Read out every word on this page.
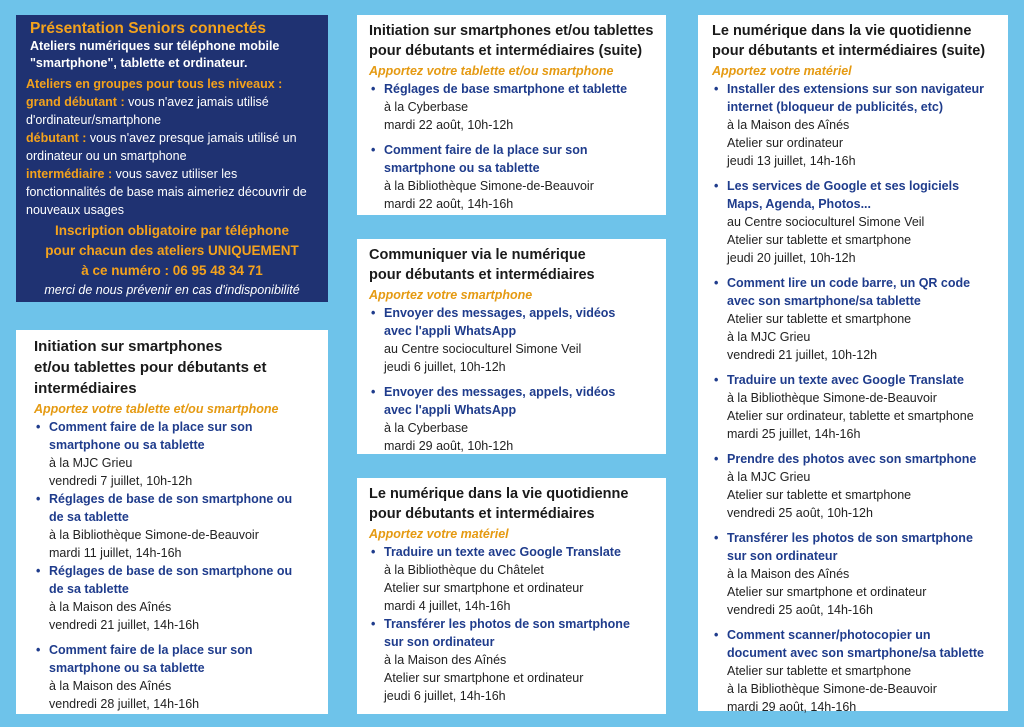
Présentation Seniors connectés
Ateliers numériques sur téléphone mobile
"smartphone", tablette et ordinateur.
Ateliers en groupes pour tous les niveaux :
grand débutant : vous n'avez jamais utilisé d'ordinateur/smartphone
débutant : vous n'avez presque jamais utilisé un ordinateur ou un smartphone
intermédiaire : vous savez utiliser les fonctionnalités de base mais aimeriez découvrir de nouveaux usages
Inscription obligatoire par téléphone
pour chacun des ateliers UNIQUEMENT
à ce numéro : 06 95 48 34 71
merci de nous prévenir en cas d'indisponibilité
Initiation sur smartphones
et/ou tablettes pour débutants et
intermédiaires
Apportez votre tablette et/ou smartphone
• Comment faire de la place sur son
smartphone ou sa tablette
à la MJC Grieu
vendredi 7 juillet, 10h-12h
• Réglages de base de son smartphone ou
de sa tablette
à la Bibliothèque Simone-de-Beauvoir
mardi 11 juillet, 14h-16h
• Réglages de base de son smartphone ou
de sa tablette
à la Maison des Aînés
vendredi 21 juillet, 14h-16h
• Comment faire de la place sur son
smartphone ou sa tablette
à la Maison des Aînés
vendredi 28 juillet, 14h-16h
Initiation sur smartphones et/ou tablettes
pour débutants et intermédiaires (suite)
Apportez votre tablette et/ou smartphone
• Réglages de base smartphone et tablette
à la Cyberbase
mardi 22 août, 10h-12h
• Comment faire de la place sur son
smartphone ou sa tablette
à la Bibliothèque Simone-de-Beauvoir
mardi 22 août, 14h-16h
Communiquer via le numérique
pour débutants et intermédiaires
Apportez votre smartphone
• Envoyer des messages, appels, vidéos
avec l'appli WhatsApp
au Centre socioculturel Simone Veil
jeudi 6 juillet, 10h-12h
• Envoyer des messages, appels, vidéos
avec l'appli WhatsApp
à la Cyberbase
mardi 29 août, 10h-12h
Le numérique dans la vie quotidienne
pour débutants et intermédiaires
Apportez votre matériel
• Traduire un texte avec Google Translate
à la Bibliothèque du Châtelet
Atelier sur smartphone et ordinateur
mardi 4 juillet, 14h-16h
• Transférer les photos de son smartphone
sur son ordinateur
à la Maison des Aînés
Atelier sur smartphone et ordinateur
jeudi 6 juillet, 14h-16h
Le numérique dans la vie quotidienne
pour débutants et intermédiaires (suite)
Apportez votre matériel
• Installer des extensions sur son navigateur
internet (bloqueur de publicités, etc)
à la Maison des Aînés
Atelier sur ordinateur
jeudi 13 juillet, 14h-16h
• Les services de Google et ses logiciels
Maps, Agenda, Photos...
au Centre socioculturel Simone Veil
Atelier sur tablette et smartphone
jeudi 20 juillet, 10h-12h
• Comment lire un code barre, un QR code
avec son smartphone/sa tablette
Atelier sur tablette et smartphone
à la MJC Grieu
vendredi 21 juillet, 10h-12h
• Traduire un texte avec Google Translate
à la Bibliothèque Simone-de-Beauvoir
Atelier sur ordinateur, tablette et smartphone
mardi 25 juillet, 14h-16h
• Prendre des photos avec son smartphone
à la MJC Grieu
Atelier sur tablette et smartphone
vendredi 25 août, 10h-12h
• Transférer les photos de son smartphone
sur son ordinateur
à la Maison des Aînés
Atelier sur smartphone et ordinateur
vendredi 25 août, 14h-16h
• Comment scanner/photocopier un
document avec son smartphone/sa tablette
Atelier sur tablette et smartphone
à la Bibliothèque Simone-de-Beauvoir
mardi 29 août, 14h-16h
